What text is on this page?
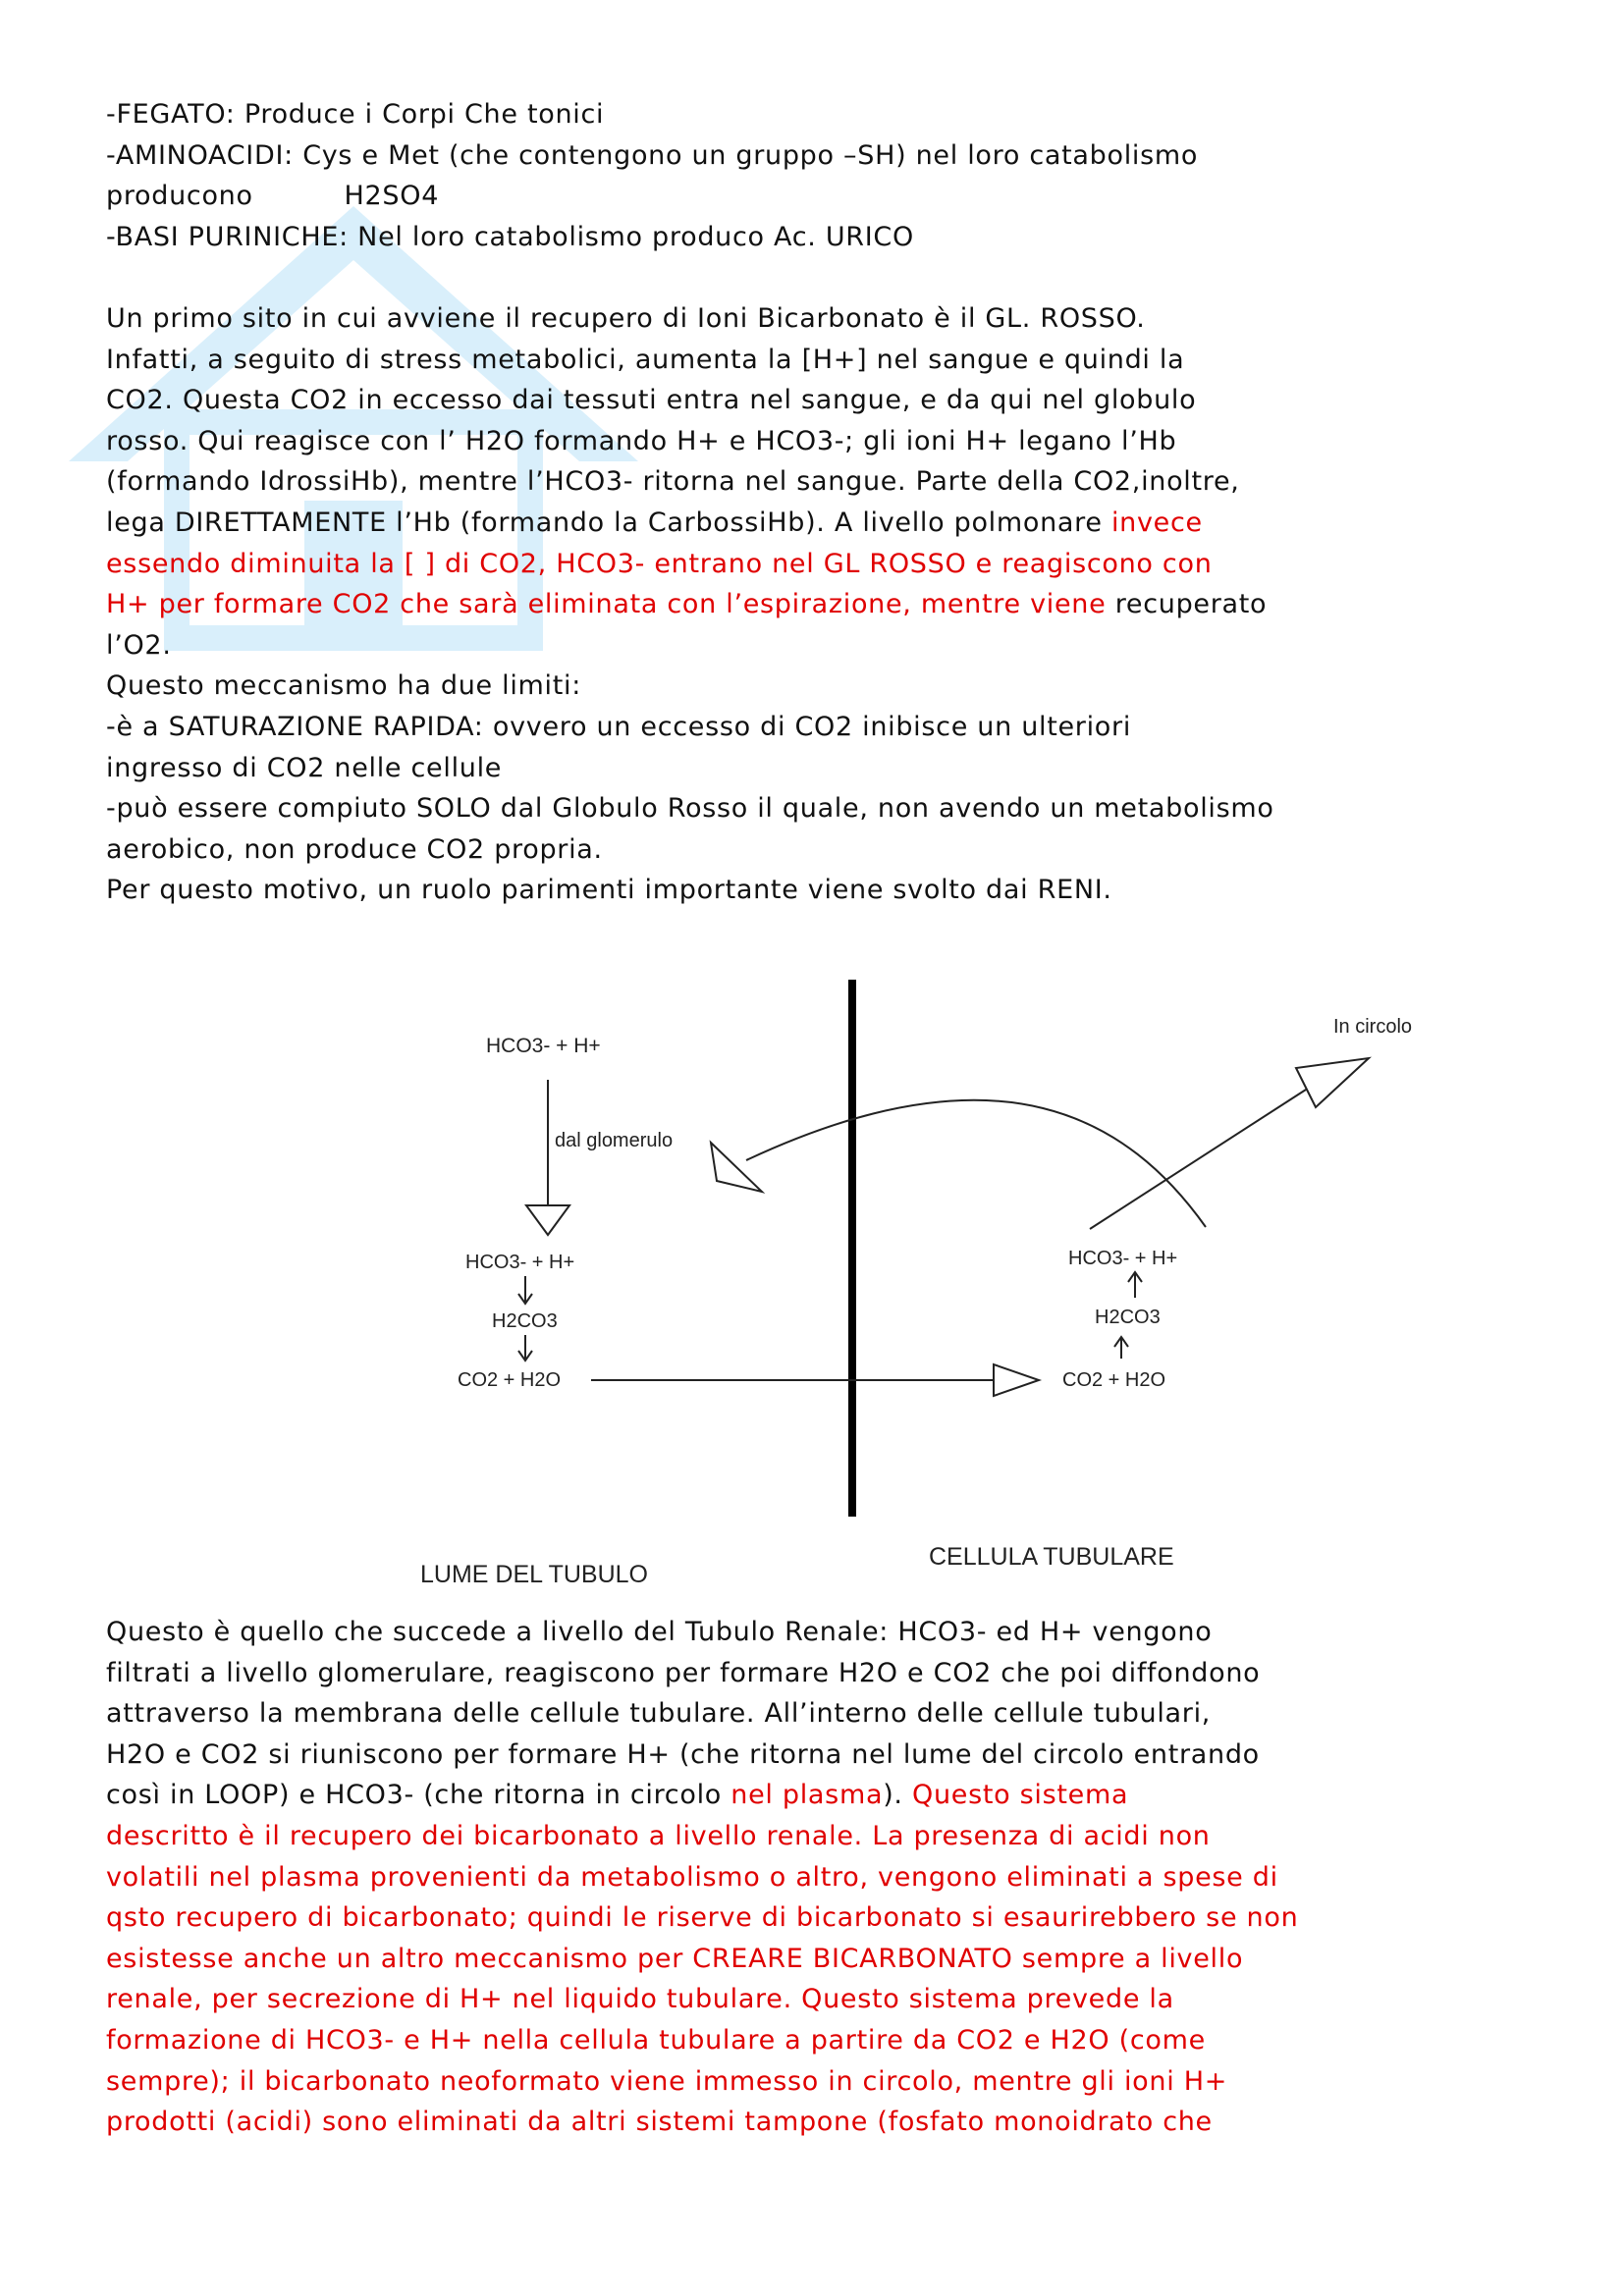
-FEGATO: Produce i Corpi Che tonici
-AMINOACIDI: Cys e Met (che contengono un gruppo –SH) nel loro catabolismo
producono          H2SO4
-BASI PURINICHE: Nel loro catabolismo produco Ac. URICO
Un primo sito in cui avviene il recupero di Ioni Bicarbonato è il GL. ROSSO.
Infatti, a seguito di stress metabolici, aumenta la [H+] nel sangue e quindi la
CO2. Questa CO2 in eccesso dai tessuti entra nel sangue, e da qui nel globulo
rosso. Qui reagisce con l’ H2O formando H+ e HCO3-; gli ioni H+ legano l’Hb
(formando IdrossiHb), mentre l’HCO3- ritorna nel sangue. Parte della CO2,inoltre,
lega DIRETTAMENTE l’Hb (formando la CarbossiHb). A livello polmonare invece
essendo diminuita la [ ] di CO2, HCO3- entrano nel GL ROSSO e reagiscono con
H+ per formare CO2 che sarà eliminata con l’espirazione, mentre viene recuperato
l’O2.
Questo meccanismo ha due limiti:
-è a SATURAZIONE RAPIDA: ovvero un eccesso di CO2 inibisce un ulteriori
ingresso di CO2 nelle cellule
-può essere compiuto SOLO dal Globulo Rosso il quale, non avendo un metabolismo
aerobico, non produce CO2 propria.
Per questo motivo, un ruolo parimenti importante viene svolto dai RENI.
HCO3- + H+
dal glomerulo
HCO3- + H+
H2CO3
CO2 + H2O	CO2 + H2O
H2CO3
HCO3- + H+
In circolo
LUME DEL TUBULO
CELLULA TUBULARE
Questo è quello che succede a livello del Tubulo Renale: HCO3- ed H+ vengono
filtrati a livello glomerulare, reagiscono per formare H2O e CO2 che poi diffondono
attraverso la membrana delle cellule tubulare. All’interno delle cellule tubulari,
H2O e CO2 si riuniscono per formare H+ (che ritorna nel lume del circolo entrando
così in LOOP) e HCO3- (che ritorna in circolo nel plasma). Questo sistema
descritto è il recupero dei bicarbonato a livello renale. La presenza di acidi non
volatili nel plasma provenienti da metabolismo o altro, vengono eliminati a spese di
qsto recupero di bicarbonato; quindi le riserve di bicarbonato si esaurirebbero se non
esistesse anche un altro meccanismo per CREARE BICARBONATO sempre a livello
renale, per secrezione di H+ nel liquido tubulare. Questo sistema prevede la
formazione di HCO3- e H+ nella cellula tubulare a partire da CO2 e H2O (come
sempre); il bicarbonato neoformato viene immesso in circolo, mentre gli ioni H+
prodotti (acidi) sono eliminati da altri sistemi tampone (fosfato monoidrato che
